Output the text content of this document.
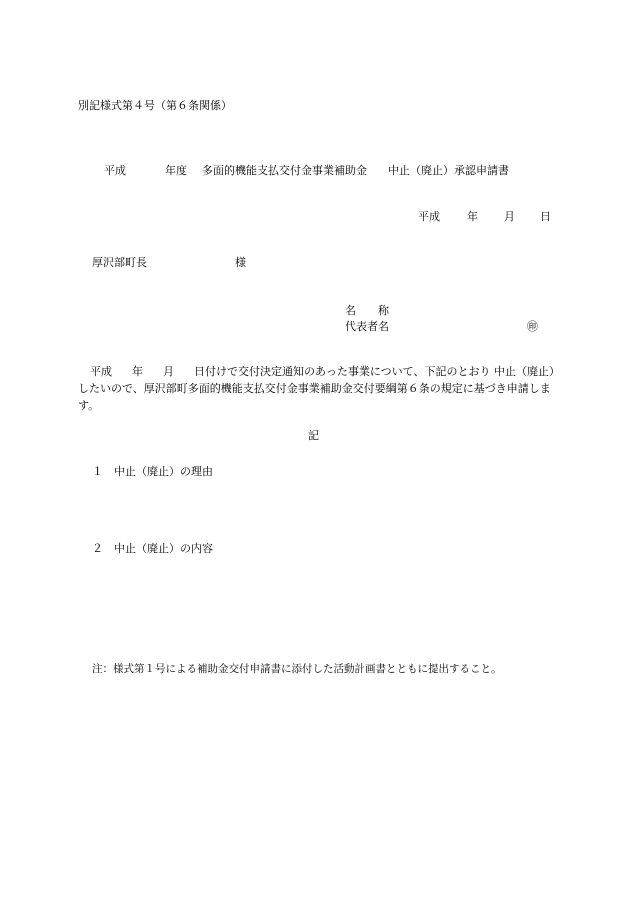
別記様式第４号（第６条関係）
平成	年度 多面的機能支払交付金事業補助金 中止（廃止）承認申請書
平成 年 月 日
厚沢部町長	様
名　　称
代表者名	㊞
平成 年 月 日付けで交付決定通知のあった事業について、下記のとおり 中止（廃止）したいので、厚沢部町多面的機能支払交付金事業補助金交付要綱第６条の規定に基づき申請します。
記
１ 中止（廃止）の理由
２ 中止（廃止）の内容
注：様式第１号による補助金交付申請書に添付した活動計画書とともに提出すること。
